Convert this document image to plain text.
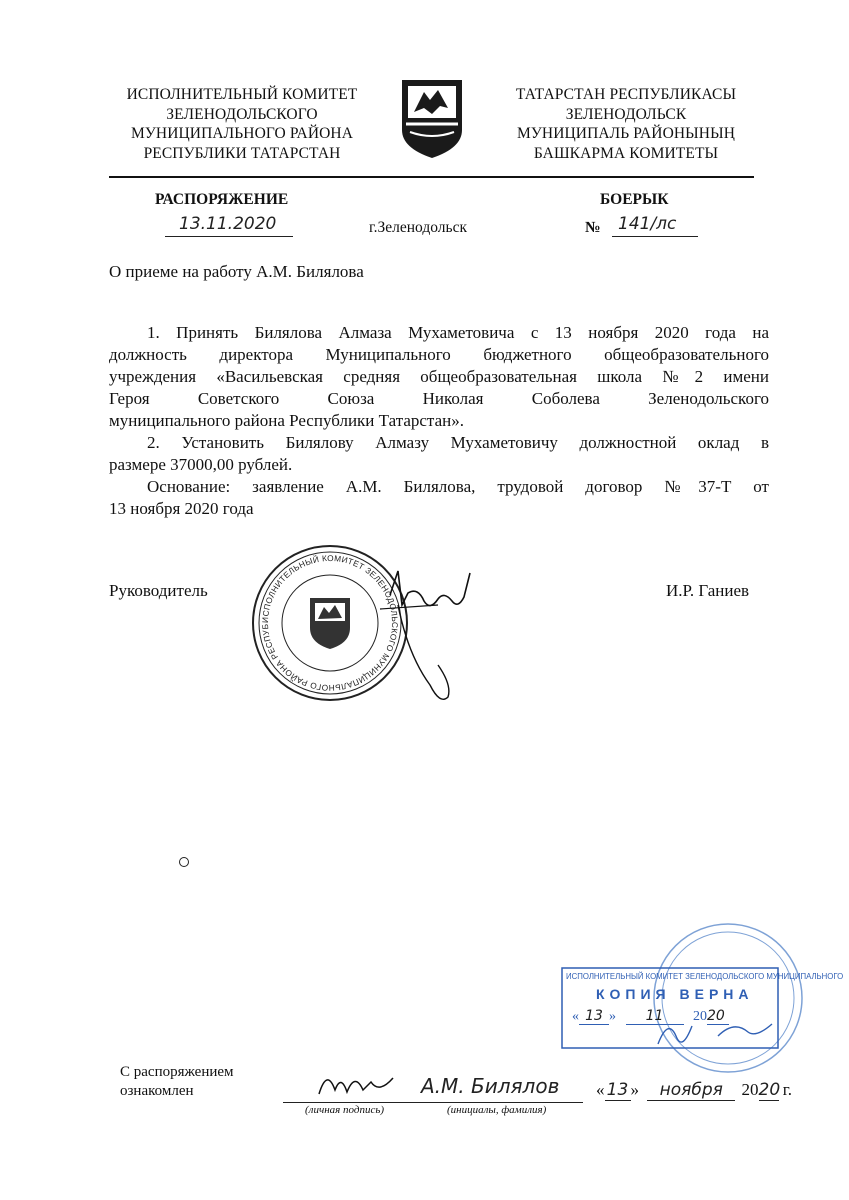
ИСПОЛНИТЕЛЬНЫЙ КОМИТЕТ
ЗЕЛЕНОДОЛЬСКОГО
МУНИЦИПАЛЬНОГО РАЙОНА
РЕСПУБЛИКИ ТАТАРСТАН
ТАТАРСТАН РЕСПУБЛИКАСЫ
ЗЕЛЕНОДОЛЬСК
МУНИЦИПАЛЬ РАЙОНЫНЫҢ
БАШКАРМА КОМИТЕТЫ
РАСПОРЯЖЕНИЕ	БОЕРЫК
13.11.2020	г.Зеленодольск	№ 141/лс
О приеме на работу А.М. Билялова

1. Принять Билялова Алмаза Мухаметовича с 13 ноября 2020 года на

должность директора Муниципального бюджетного общеобразовательного

учреждения «Васильевская средняя общеобразовательная школа №2 имени

Героя Советского Союза Николая Соболева Зеленодольского

муниципального района Республики Татарстан».

2. Установить Билялову Алмазу Мухаметовичу должностной оклад в

размере 37000,00 рублей.

Основание: заявление А.М. Билялова, трудовой договор №37-Т от

13 ноября 2020 года

ИСПОЛНИТЕЛЬНЫЙ КОМИТЕТ ЗЕЛЕНОДОЛЬСКОГО МУНИЦИПАЛЬНОГО РАЙОНА РЕСПУБ
Руководитель	И.Р. Ганиев
ИСПОЛНИТЕЛЬНЫЙ КОМИТЕТ ЗЕЛЕНОДОЛЬСКОГО МУНИЦИПАЛЬНОГО
КОПИЯ ВЕРНА
« 13 » 11 2020
С распоряжением
ознакомлен	А.М. Билялов « 13 » ноября 2020 г.
(личная подпись)	(инициалы, фамилия)
